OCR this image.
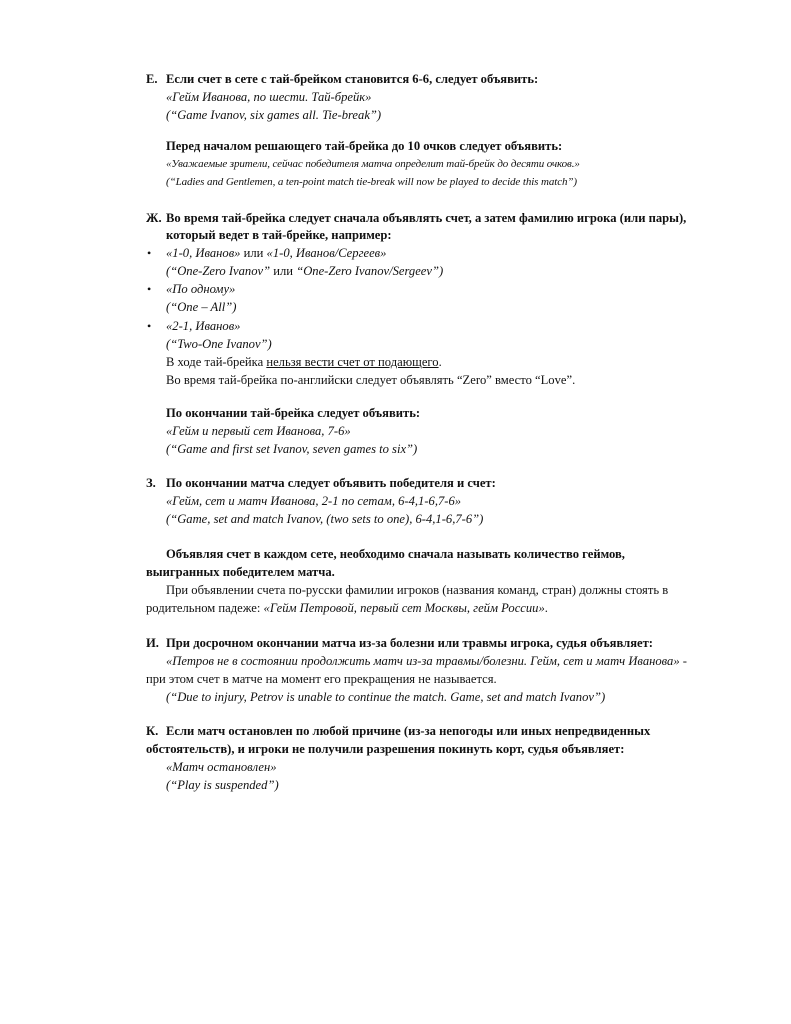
Е. Если счет в сете с тай-брейком становится 6-6, следует объявить:
«Гейм Иванова, по шести. Тай-брейк»
(“Game Ivanov, six games all. Tie-break”)
Перед началом решающего тай-брейка до 10 очков следует объявить:
«Уважаемые зрители, сейчас победителя матча определит тай-брейк до десяти очков.»
(“Ladies and Gentlemen, a ten-point match tie-break will now be played to decide this match”)
Ж. Во время тай-брейка следует сначала объявлять счет, а затем фамилию игрока (или пары),
который ведет в тай-брейке, например:
• «1-0, Иванов» или «1-0, Иванов/Сергеев»
(“One-Zero Ivanov” или “One-Zero Ivanov/Sergeev”)
• «По одному»
(“One – All”)
• «2-1, Иванов»
(“Two-One Ivanov”)
В ходе тай-брейка нельзя вести счет от подающего.
Во время тай-брейка по-английски следует объявлять “Zero” вместо “Love”.
По окончании тай-брейка следует объявить:
«Гейм и первый сет Иванова, 7-6»
(“Game and first set Ivanov, seven games to six”)
З. По окончании матча следует объявить победителя и счет:
«Гейм, сет и матч Иванова, 2-1 по сетам, 6-4,1-6,7-6»
(“Game, set and match Ivanov, (two sets to one), 6-4,1-6,7-6”)
Объявляя счет в каждом сете, необходимо сначала называть количество геймов,
выигранных победителем матча.
При объявлении счета по-русски фамилии игроков (названия команд, стран) должны стоять в
родительном падеже: «Гейм Петровой, первый сет Москвы, гейм России».
И. При досрочном окончании матча из-за болезни или травмы игрока, судья объявляет:
«Петров не в состоянии продолжить матч из-за травмы/болезни. Гейм, сет и матч Иванова» -
при этом счет в матче на момент его прекращения не называется.
(“Due to injury, Petrov is unable to continue the match. Game, set and match Ivanov”)
К. Если матч остановлен по любой причине (из-за непогоды или иных непредвиденных
обстоятельств), и игроки не получили разрешения покинуть корт, судья объявляет:
«Матч остановлен»
(“Play is suspended”)
